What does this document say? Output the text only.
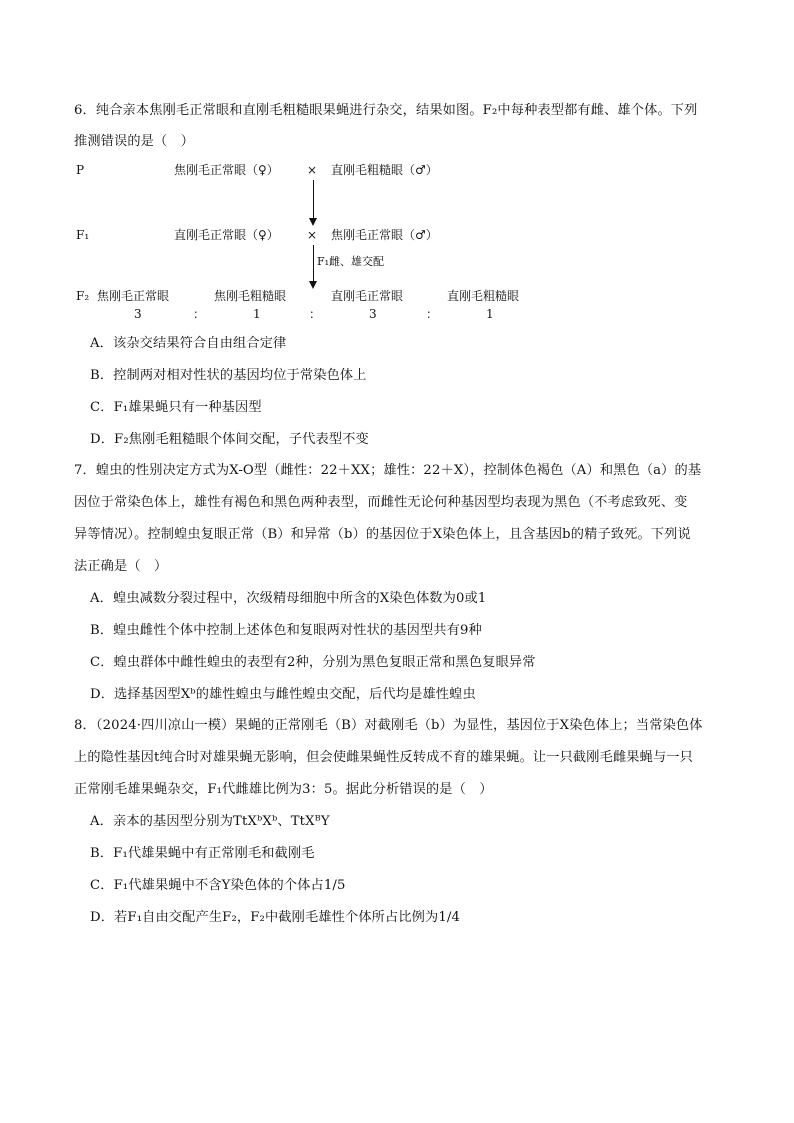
6．纯合亲本焦刚毛正常眼和直刚毛粗糙眼果蝇进行杂交，结果如图。F₂中每种表型都有雌、雄个体。下列
推测错误的是（　）
P	焦刚毛正常眼（♀） × 直刚毛粗糙眼（♂）
F₁	直刚毛正常眼（♀） × 焦刚毛正常眼（♂）
F₁雌、雄交配
F₂ 焦刚毛正常眼	焦刚毛粗糙眼	直刚毛正常眼	直刚毛粗糙眼
3	：	1	：	3	：	1
A．该杂交结果符合自由组合定律
B．控制两对相对性状的基因均位于常染色体上
C．F₁雄果蝇只有一种基因型
D．F₂焦刚毛粗糙眼个体间交配，子代表型不变
7．蝗虫的性别决定方式为X-O型（雌性：22＋XX；雄性：22＋X），控制体色褐色（A）和黑色（a）的基
因位于常染色体上，雄性有褐色和黑色两种表型，而雌性无论何种基因型均表现为黑色（不考虑致死、变
异等情况）。控制蝗虫复眼正常（B）和异常（b）的基因位于X染色体上，且含基因b的精子致死。下列说
法正确是（　）
A．蝗虫减数分裂过程中，次级精母细胞中所含的X染色体数为0或1
B．蝗虫雌性个体中控制上述体色和复眼两对性状的基因型共有9种
C．蝗虫群体中雌性蝗虫的表型有2种，分别为黑色复眼正常和黑色复眼异常
D．选择基因型Xᵇ的雄性蝗虫与雌性蝗虫交配，后代均是雄性蝗虫
8．（2024·四川凉山一模）果蝇的正常刚毛（B）对截刚毛（b）为显性，基因位于X染色体上；当常染色体
上的隐性基因t纯合时对雄果蝇无影响，但会使雌果蝇性反转成不育的雄果蝇。让一只截刚毛雌果蝇与一只
正常刚毛雄果蝇杂交，F₁代雌雄比例为3：5。据此分析错误的是（　）
A．亲本的基因型分别为TtXᵇXᵇ、TtXᴮY
B．F₁代雄果蝇中有正常刚毛和截刚毛
C．F₁代雄果蝇中不含Y染色体的个体占1/5
D．若F₁自由交配产生F₂，F₂中截刚毛雄性个体所占比例为1/4
